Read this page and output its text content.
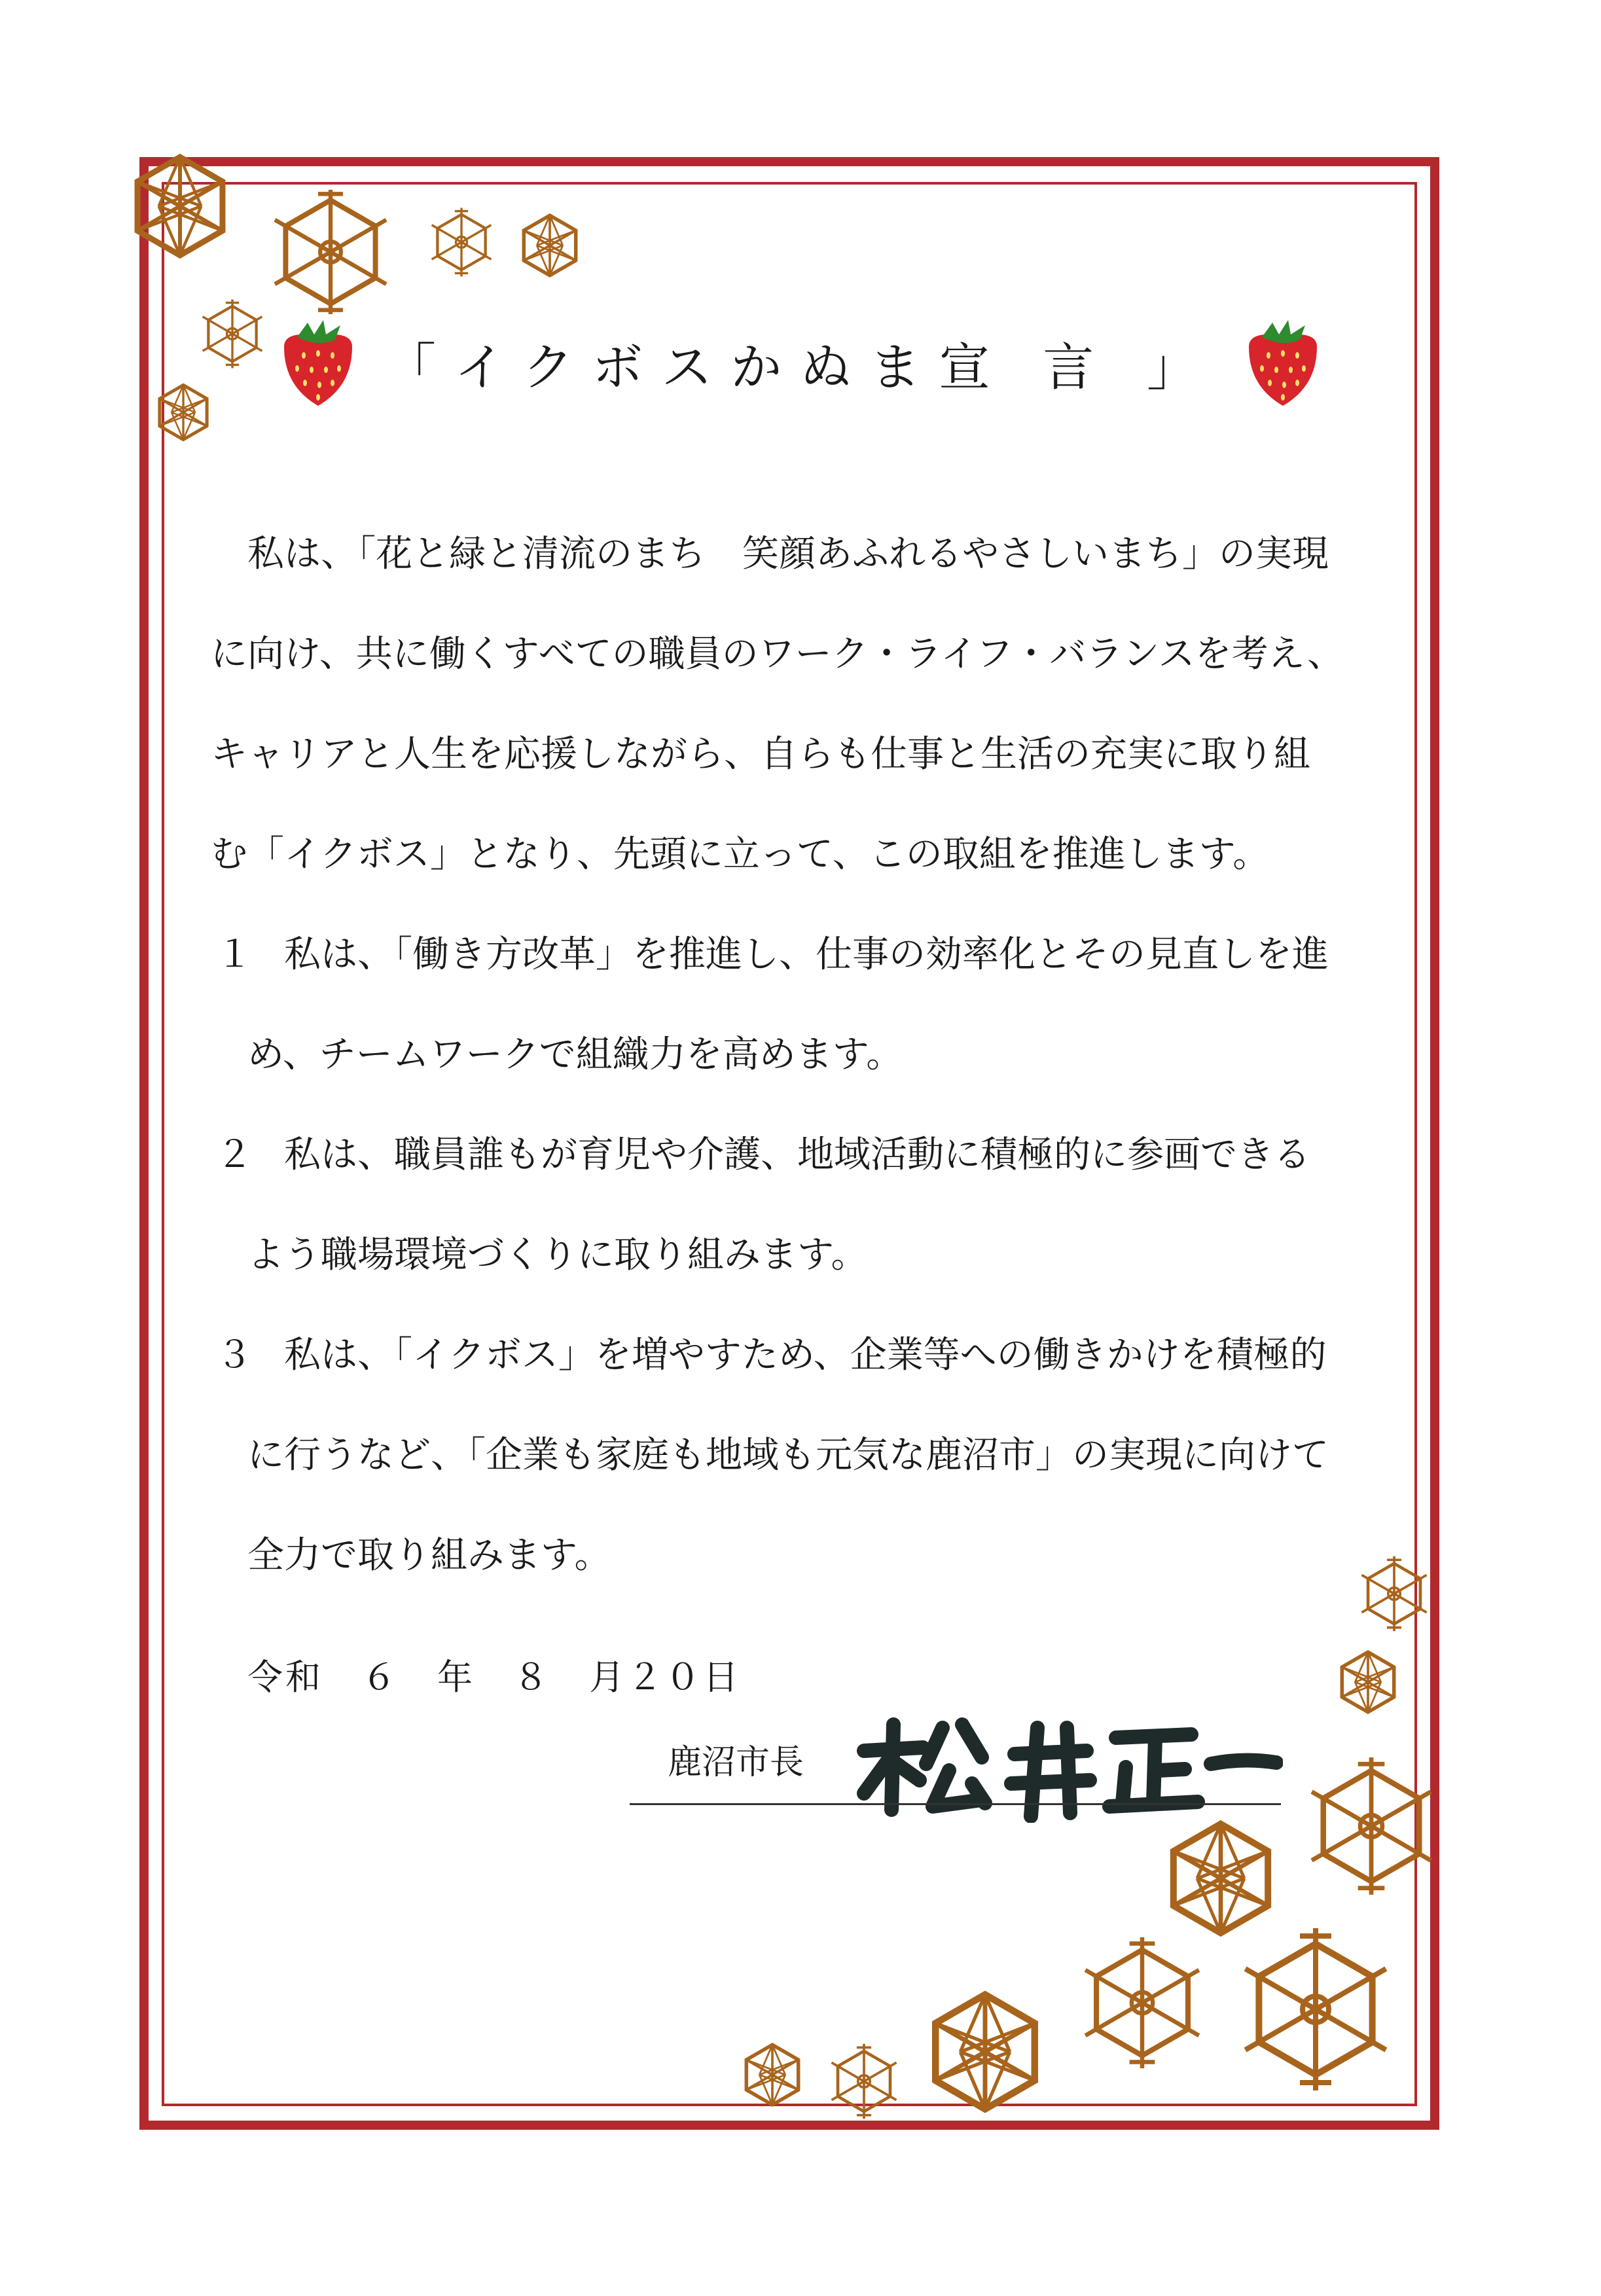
「イクボスかぬま宣 言 」

私は、「花と緑と清流のまち　笑顔あふれるやさしいまち」の実現

に向け、共に働くすべての職員のワーク・ライフ・バランスを考え、

キャリアと人生を応援しながら、自らも仕事と生活の充実に取り組

む「イクボス」となり、先頭に立って、この取組を推進します。

１ 私は、「働き方改革」を推進し、仕事の効率化とその見直しを進

め、チームワークで組織力を高めます。

２ 私は、職員誰もが育児や介護、地域活動に積極的に参画できる

よう職場環境づくりに取り組みます。

３ 私は、「イクボス」を増やすため、企業等への働きかけを積極的

に行うなど、「企業も家庭も地域も元気な鹿沼市」の実現に向けて

全力で取り組みます。

令和　６　年　８　月２０日
鹿沼市長
